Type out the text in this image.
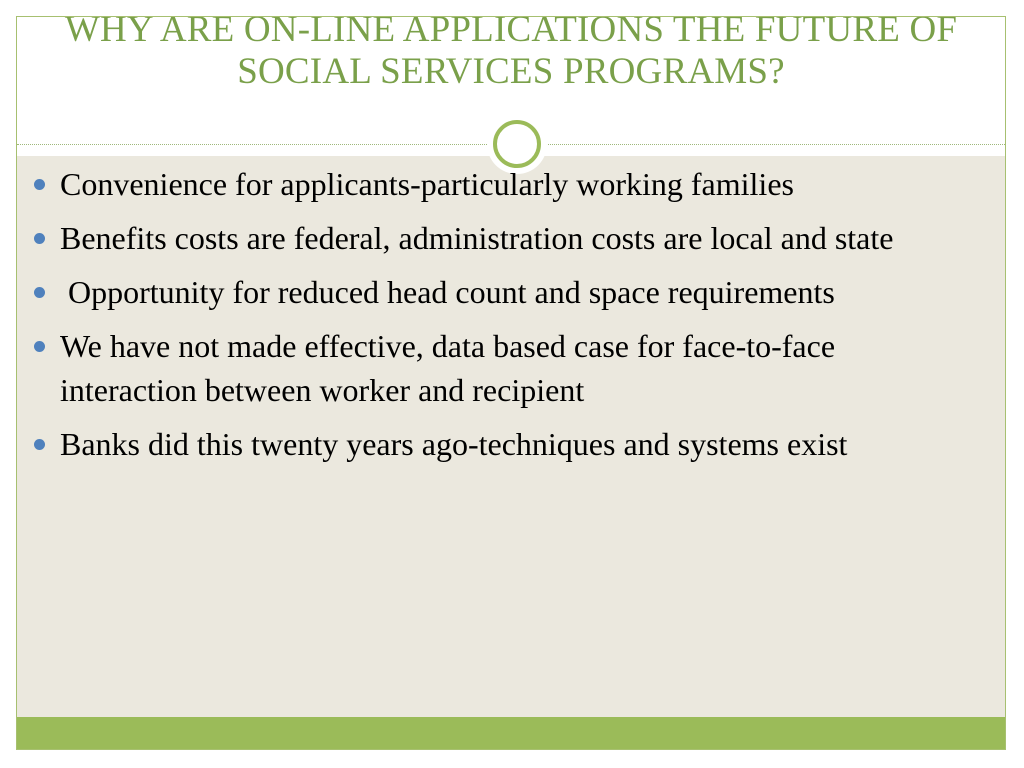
WHY ARE ON-LINE APPLICATIONS THE FUTURE OF SOCIAL SERVICES PROGRAMS?
Convenience for applicants-particularly working families
Benefits costs are federal, administration costs are local and state
Opportunity for reduced head count and space requirements
We have not made effective, data based case for face-to-face interaction between worker and recipient
Banks did this twenty years ago-techniques and systems exist
